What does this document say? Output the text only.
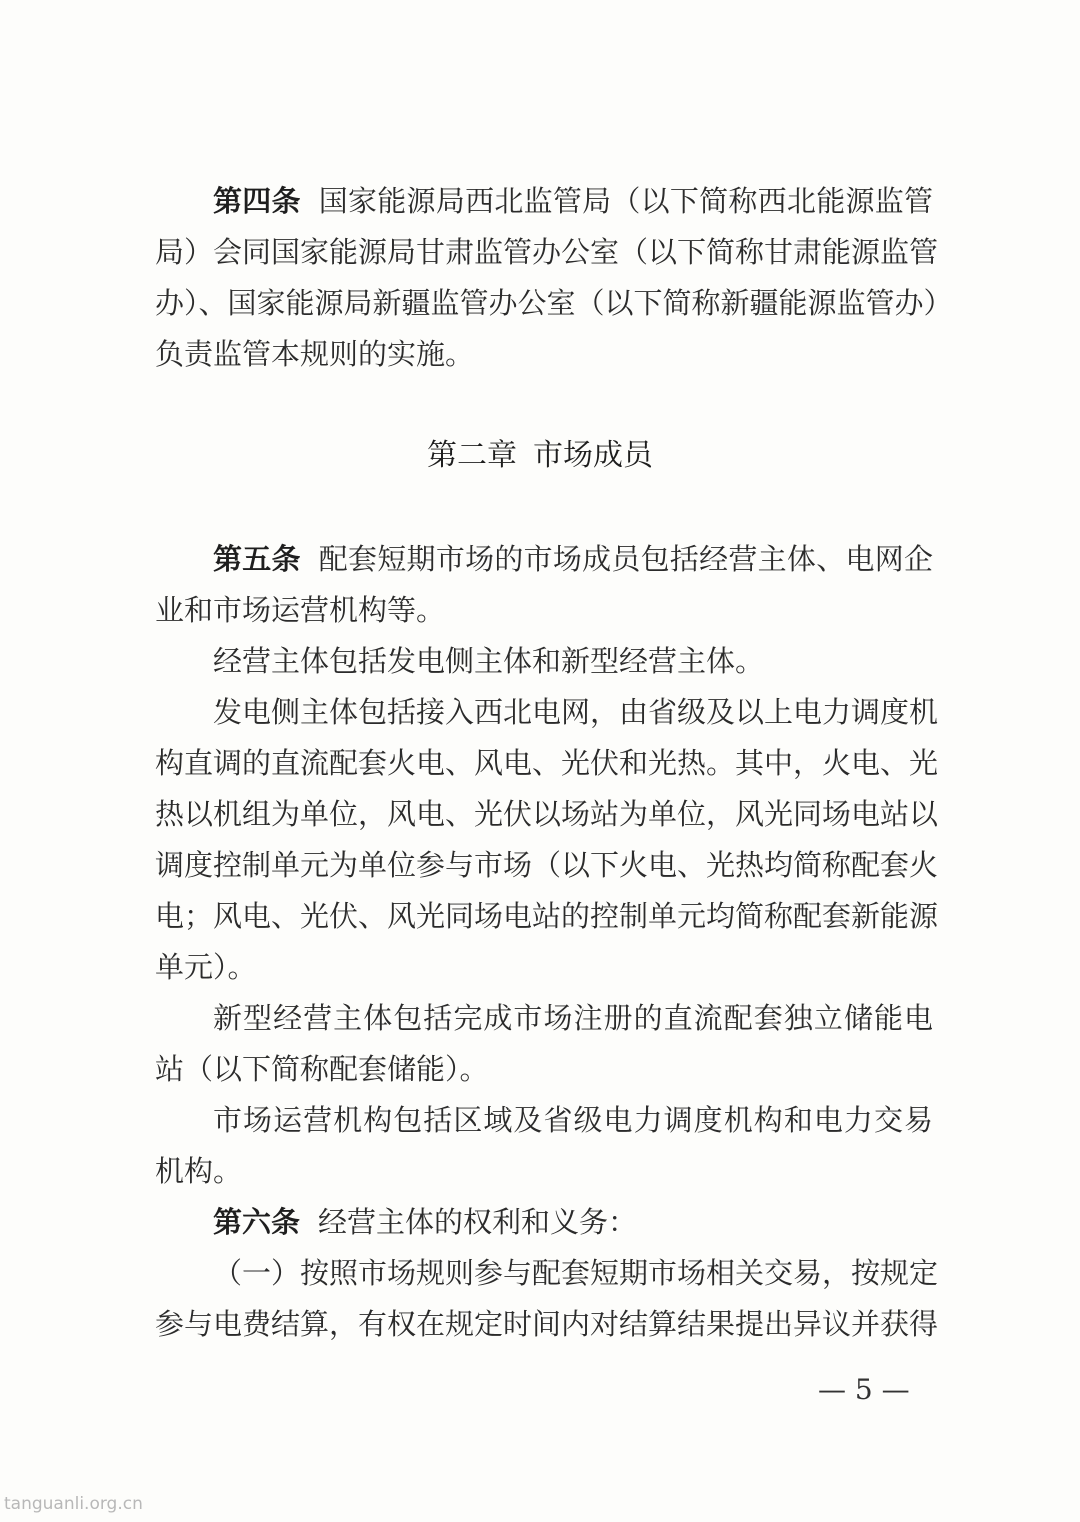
第四条 国家能源局西北监管局（以下简称西北能源监管
局）会同国家能源局甘肃监管办公室（以下简称甘肃能源监管
办）、国家能源局新疆监管办公室（以下简称新疆能源监管办）
负责监管本规则的实施。
第二章 市场成员
第五条 配套短期市场的市场成员包括经营主体、电网企
业和市场运营机构等。
经营主体包括发电侧主体和新型经营主体。
发电侧主体包括接入西北电网，由省级及以上电力调度机
构直调的直流配套火电、风电、光伏和光热。其中，火电、光
热以机组为单位，风电、光伏以场站为单位，风光同场电站以
调度控制单元为单位参与市场（以下火电、光热均简称配套火
电；风电、光伏、风光同场电站的控制单元均简称配套新能源
单元）。
新型经营主体包括完成市场注册的直流配套独立储能电
站（以下简称配套储能）。
市场运营机构包括区域及省级电力调度机构和电力交易
机构。
第六条 经营主体的权利和义务：
（一）按照市场规则参与配套短期市场相关交易，按规定
参与电费结算，有权在规定时间内对结算结果提出异议并获得
— 5 —
tanguanli.org.cn
